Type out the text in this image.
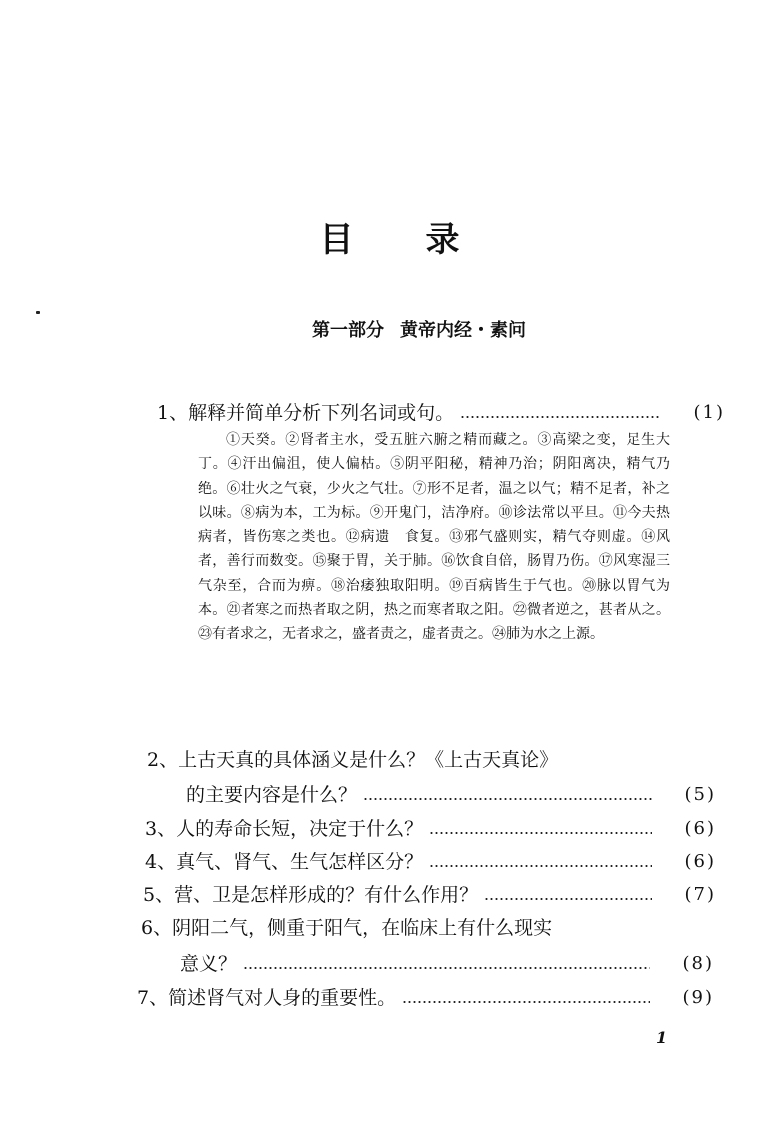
目 录
第一部分 黄帝内经・素问
1、 解释并简单分析下列名词或句。	(1)

①天癸。②肾者主水，受五脏六腑之精而藏之。③高梁之变，足生大丁。④汗出偏沮，使人偏枯。⑤阴平阳秘，精神乃治；阴阳离决，精气乃绝。⑥壮火之气衰，少火之气壮。⑦形不足者，温之以气；精不足者，补之以味。⑧病为本，工为标。⑨开鬼门，洁净府。⑩诊法常以平旦。⑪今夫热病者，皆伤寒之类也。⑫病遗　食复。⑬邪气盛则实，精气夺则虚。⑭风者，善行而数变。⑮聚于胃，关于肺。⑯饮食自倍，肠胃乃伤。⑰风寒湿三气杂至，合而为痹。⑱治痿独取阳明。⑲百病皆生于气也。⑳脉以胃气为本。㉑者寒之而热者取之阴，热之而寒者取之阳。㉒微者逆之，甚者从之。㉓有者求之，无者求之，盛者责之，虚者责之。㉔肺为水之上源。

2、 上古天真的具体涵义是什么？《上古天真论》
的主要内容是什么？	(5)
3、 人的寿命长短，决定于什么？	(6)
4、 真气、肾气、生气怎样区分？	(6)
5、 营、卫是怎样形成的？有什么作用？	(7)
6、 阴阳二气，侧重于阳气，在临床上有什么现实
意义？	(8)
7、 简述肾气对人身的重要性。	(9)
1
